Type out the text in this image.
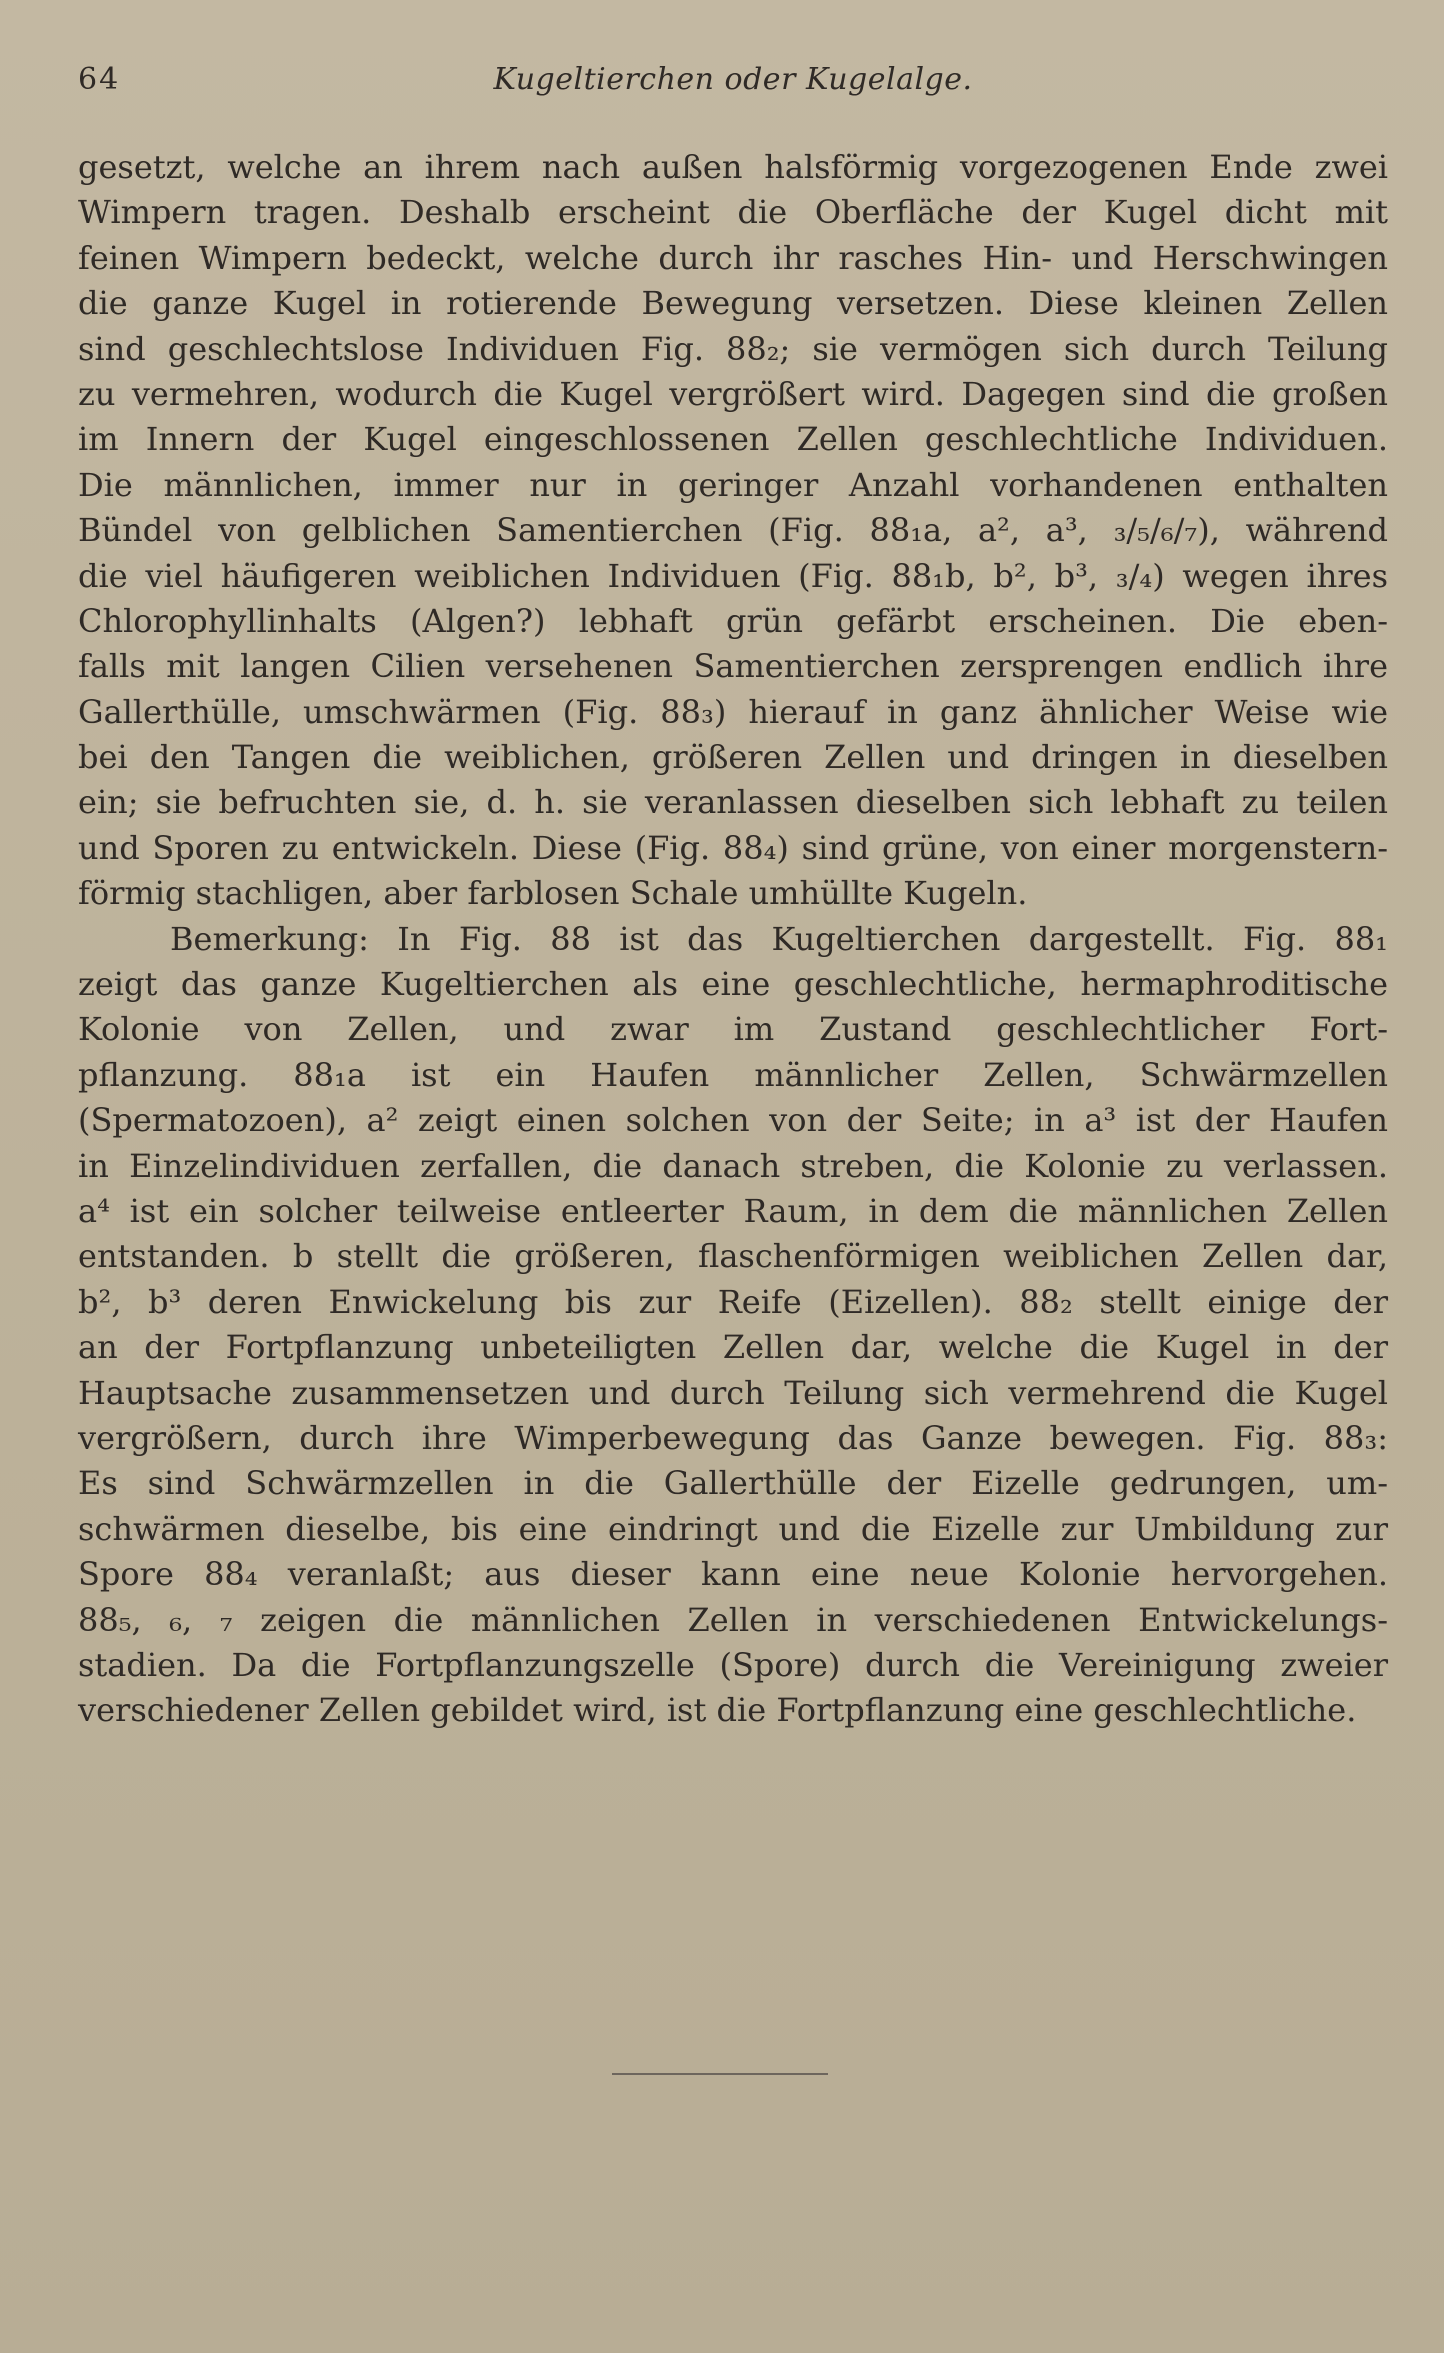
64	Kugeltierchen oder Kugelalge.
gesetzt, welche an ihrem nach außen halsförmig vorgezogenen Ende zwei
Wimpern tragen. Deshalb erscheint die Oberfläche der Kugel dicht mit
feinen Wimpern bedeckt, welche durch ihr rasches Hin- und Herschwingen
die ganze Kugel in rotierende Bewegung versetzen. Diese kleinen Zellen
sind geschlechtslose Individuen Fig. 88₂; sie vermögen sich durch Teilung
zu vermehren, wodurch die Kugel vergrößert wird. Dagegen sind die großen
im Innern der Kugel eingeschlossenen Zellen geschlechtliche Individuen.
Die männlichen, immer nur in geringer Anzahl vorhandenen enthalten
Bündel von gelblichen Samentierchen (Fig. 88₁a, a², a³, ₃/₅/₆/₇), während
die viel häufigeren weiblichen Individuen (Fig. 88₁b, b², b³, ₃/₄) wegen ihres
Chlorophyllinhalts (Algen?) lebhaft grün gefärbt erscheinen. Die eben-
falls mit langen Cilien versehenen Samentierchen zersprengen endlich ihre
Gallerthülle, umschwärmen (Fig. 88₃) hierauf in ganz ähnlicher Weise wie
bei den Tangen die weiblichen, größeren Zellen und dringen in dieselben
ein; sie befruchten sie, d. h. sie veranlassen dieselben sich lebhaft zu teilen
und Sporen zu entwickeln. Diese (Fig. 88₄) sind grüne, von einer morgenstern-
förmig stachligen, aber farblosen Schale umhüllte Kugeln.
Bemerkung: In Fig. 88 ist das Kugeltierchen dargestellt. Fig. 88₁
zeigt das ganze Kugeltierchen als eine geschlechtliche, hermaphroditische
Kolonie von Zellen, und zwar im Zustand geschlechtlicher Fort-
pflanzung. 88₁a ist ein Haufen männlicher Zellen, Schwärmzellen
(Spermatozoen), a² zeigt einen solchen von der Seite; in a³ ist der Haufen
in Einzelindividuen zerfallen, die danach streben, die Kolonie zu verlassen.
a⁴ ist ein solcher teilweise entleerter Raum, in dem die männlichen Zellen
entstanden. b stellt die größeren, flaschenförmigen weiblichen Zellen dar,
b², b³ deren Enwickelung bis zur Reife (Eizellen). 88₂ stellt einige der
an der Fortpflanzung unbeteiligten Zellen dar, welche die Kugel in der
Hauptsache zusammensetzen und durch Teilung sich vermehrend die Kugel
vergrößern, durch ihre Wimperbewegung das Ganze bewegen. Fig. 88₃:
Es sind Schwärmzellen in die Gallerthülle der Eizelle gedrungen, um-
schwärmen dieselbe, bis eine eindringt und die Eizelle zur Umbildung zur
Spore 88₄ veranlaßt; aus dieser kann eine neue Kolonie hervorgehen.
88₅, ₆, ₇ zeigen die männlichen Zellen in verschiedenen Entwickelungs-
stadien. Da die Fortpflanzungszelle (Spore) durch die Vereinigung zweier
verschiedener Zellen gebildet wird, ist die Fortpflanzung eine geschlechtliche.
